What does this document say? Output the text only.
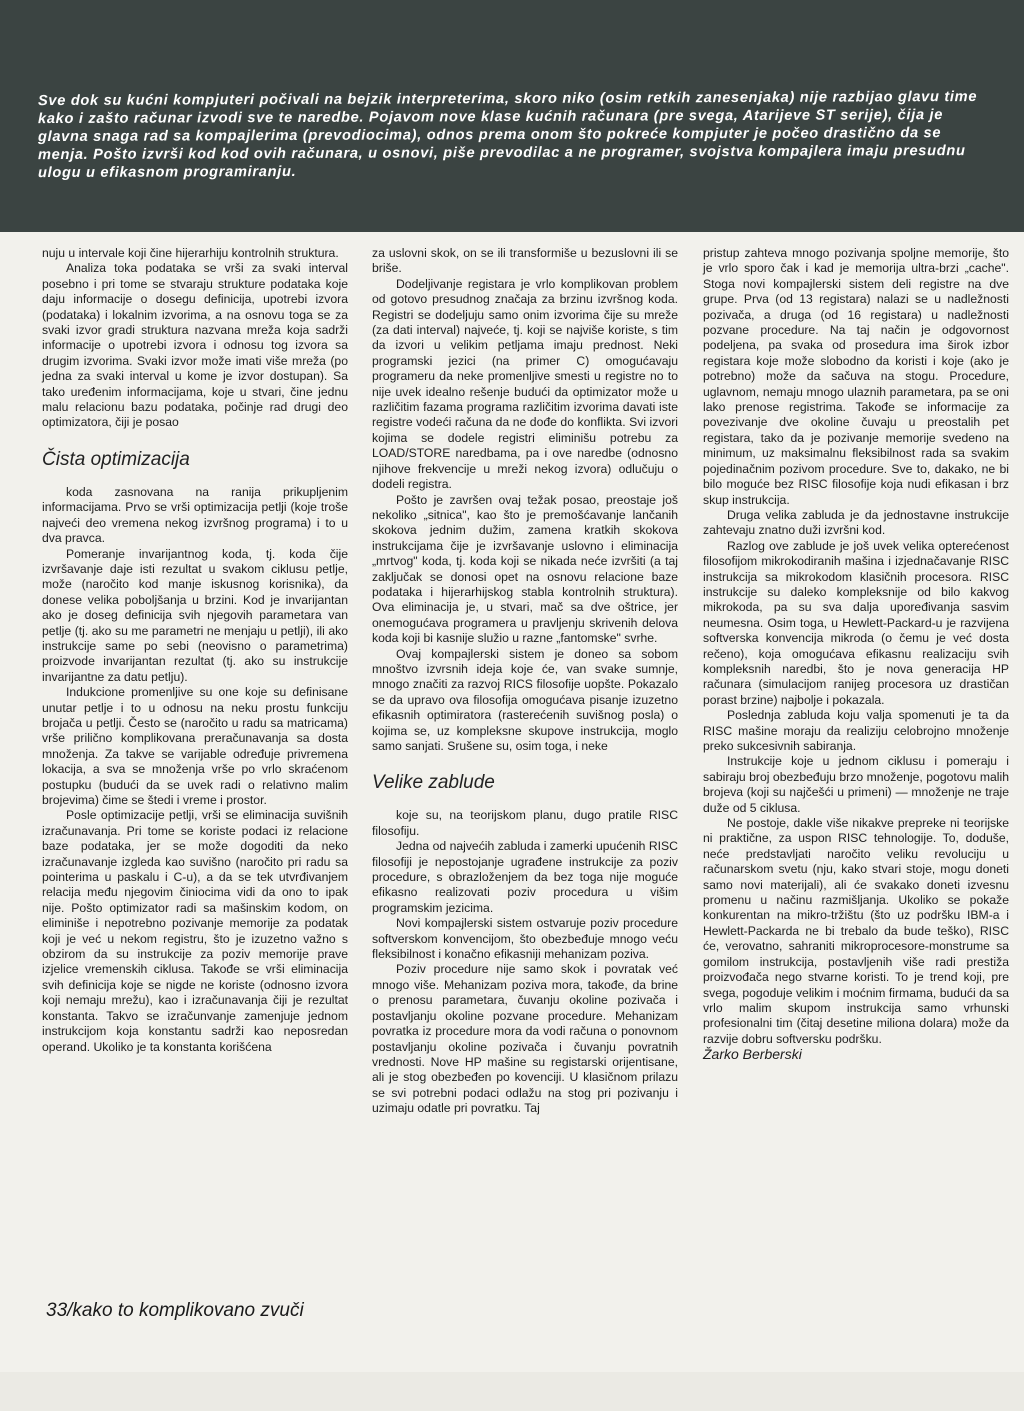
Sve dok su kućni kompjuteri počivali na bejzik interpreterima, skoro niko (osim retkih zanesenjaka) nije razbijao glavu time kako i zašto računar izvodi sve te naredbe. Pojavom nove klase kućnih računara (pre svega, Atarijeve ST serije), čija je glavna snaga rad sa kompajlerima (prevodiocima), odnos prema onom što pokreće kompjuter je počeo drastično da se menja. Pošto izvrši kod kod ovih računara, u osnovi, piše prevodilac a ne programer, svojstva kompajlera imaju presudnu ulogu u efikasnom programiranju.

nuju u intervale koji čine hijerarhiju kontrolnih struktura.

Analiza toka podataka se vrši za svaki interval posebno i pri tome se stvaraju strukture podataka koje daju informacije o dosegu definicija, upotrebi izvora (podataka) i lokalnim izvorima, a na osnovu toga se za svaki izvor gradi struktura nazvana mreža koja sadrži informacije o upotrebi izvora i odnosu tog izvora sa drugim izvorima. Svaki izvor može imati više mreža (po jedna za svaki interval u kome je izvor dostupan). Sa tako uređenim informacijama, koje u stvari, čine jednu malu relacionu bazu podataka, počinje rad drugi deo optimizatora, čiji je posao

Čista optimizacija

koda zasnovana na ranija prikupljenim informacijama. Prvo se vrši optimizacija petlji (koje troše najveći deo vremena nekog izvršnog programa) i to u dva pravca.

Pomeranje invarijantnog koda, tj. koda čije izvršavanje daje isti rezultat u svakom ciklusu petlje, može (naročito kod manje iskusnog korisnika), da donese velika poboljšanja u brzini. Kod je invarijantan ako je doseg definicija svih njegovih parametara van petlje (tj. ako su me parametri ne menjaju u petlji), ili ako instrukcije same po sebi (neovisno o parametrima) proizvode invarijantan rezultat (tj. ako su instrukcije invarijantne za datu petlju).

Indukcione promenljive su one koje su definisane unutar petlje i to u odnosu na neku prostu funkciju brojača u petlji. Često se (naročito u radu sa matricama) vrše prilično komplikovana preračunavanja sa dosta množenja. Za takve se varijable određuje privremena lokacija, a sva se množenja vrše po vrlo skraćenom postupku (budući da se uvek radi o relativno malim brojevima) čime se štedi i vreme i prostor.

Posle optimizacije petlji, vrši se eliminacija suvišnih izračunavanja. Pri tome se koriste podaci iz relacione baze podataka, jer se može dogoditi da neko izračunavanje izgleda kao suvišno (naročito pri radu sa pointerima u paskalu i C-u), a da se tek utvrđivanjem relacija među njegovim činiocima vidi da ono to ipak nije. Pošto optimizator radi sa mašinskim kodom, on eliminiše i nepotrebno pozivanje memorije za podatak koji je već u nekom registru, što je izuzetno važno s obzirom da su instrukcije za poziv memorije prave izjelice vremenskih ciklusa. Takođe se vrši eliminacija svih definicija koje se nigde ne koriste (odnosno izvora koji nemaju mrežu), kao i izračunavanja čiji je rezultat konstanta. Takvo se izračunvanje zamenjuje jednom instrukcijom koja konstantu sadrži kao neposredan operand. Ukoliko je ta konstanta korišćena

za uslovni skok, on se ili transformiše u bezuslovni ili se briše.

Dodeljivanje registara je vrlo komplikovan problem od gotovo presudnog značaja za brzinu izvršnog koda. Registri se dodeljuju samo onim izvorima čije su mreže (za dati interval) najveće, tj. koji se najviše koriste, s tim da izvori u velikim petljama imaju prednost. Neki programski jezici (na primer C) omogućavaju programeru da neke promenljive smesti u registre no to nije uvek idealno rešenje budući da optimizator može u različitim fazama programa različitim izvorima davati iste registre vodeći računa da ne dođe do konflikta. Svi izvori kojima se dodele registri eliminišu potrebu za LOAD/STORE naredbama, pa i ove naredbe (odnosno njihove frekvencije u mreži nekog izvora) odlučuju o dodeli registra.

Pošto je završen ovaj težak posao, preostaje još nekoliko „sitnica", kao što je premošćavanje lančanih skokova jednim dužim, zamena kratkih skokova instrukcijama čije je izvršavanje uslovno i eliminacija „mrtvog" koda, tj. koda koji se nikada neće izvršiti (a taj zaključak se donosi opet na osnovu relacione baze podataka i hijerarhijskog stabla kontrolnih struktura). Ova eliminacija je, u stvari, mač sa dve oštrice, jer onemogućava programera u pravljenju skrivenih delova koda koji bi kasnije služio u razne „fantomske" svrhe.

Ovaj kompajlerski sistem je doneo sa sobom mnoštvo izvrsnih ideja koje će, van svake sumnje, mnogo značiti za razvoj RICS filosofije uopšte. Pokazalo se da upravo ova filosofija omogućava pisanje izuzetno efikasnih optimiratora (rasterećenih suvišnog posla) o kojima se, uz kompleksne skupove instrukcija, moglo samo sanjati. Srušene su, osim toga, i neke

Velike zablude

koje su, na teorijskom planu, dugo pratile RISC filosofiju.

Jedna od najvećih zabluda i zamerki upućenih RISC filosofiji je nepostojanje ugrađene instrukcije za poziv procedure, s obrazloženjem da bez toga nije moguće efikasno realizovati poziv procedura u višim programskim jezicima.

Novi kompajlerski sistem ostvaruje poziv procedure softverskom konvencijom, što obezbeđuje mnogo veću fleksibilnost i konačno efikasniji mehanizam poziva.

Poziv procedure nije samo skok i povratak već mnogo više. Mehanizam poziva mora, takođe, da brine o prenosu parametara, čuvanju okoline pozivača i postavljanju okoline pozvane procedure. Mehanizam povratka iz procedure mora da vodi računa o ponovnom postavljanju okoline pozivača i čuvanju povratnih vrednosti. Nove HP mašine su registarski orijentisane, ali je stog obezbeđen po kovenciji. U klasičnom prilazu se svi potrebni podaci odlažu na stog pri pozivanju i uzimaju odatle pri povratku. Taj

pristup zahteva mnogo pozivanja spoljne memorije, što je vrlo sporo čak i kad je memorija ultra-brzi „cache". Stoga novi kompajlerski sistem deli registre na dve grupe. Prva (od 13 registara) nalazi se u nadležnosti pozivača, a druga (od 16 registara) u nadležnosti pozvane procedure. Na taj način je odgovornost podeljena, pa svaka od prosedura ima širok izbor registara koje može slobodno da koristi i koje (ako je potrebno) može da sačuva na stogu. Procedure, uglavnom, nemaju mnogo ulaznih parametara, pa se oni lako prenose registrima. Takođe se informacije za povezivanje dve okoline čuvaju u preostalih pet registara, tako da je pozivanje memorije svedeno na minimum, uz maksimalnu fleksibilnost rada sa svakim pojedinačnim pozivom procedure. Sve to, dakako, ne bi bilo moguće bez RISC filosofije koja nudi efikasan i brz skup instrukcija.

Druga velika zabluda je da jednostavne instrukcije zahtevaju znatno duži izvršni kod.

Razlog ove zablude je još uvek velika opterećenost filosofijom mikrokodiranih mašina i izjednačavanje RISC instrukcija sa mikrokodom klasičnih procesora. RISC instrukcije su daleko kompleksnije od bilo kakvog mikrokoda, pa su sva dalja upoređivanja sasvim neumesna. Osim toga, u Hewlett-Packard-u je razvijena softverska konvencija mikroda (o čemu je već dosta rečeno), koja omogućava efikasnu realizaciju svih kompleksnih naredbi, što je nova generacija HP računara (simulacijom ranijeg procesora uz drastičan porast brzine) najbolje i pokazala.

Poslednja zabluda koju valja spomenuti je ta da RISC mašine moraju da realiziju celobrojno množenje preko sukcesivnih sabiranja.

Instrukcije koje u jednom ciklusu i pomeraju i sabiraju broj obezbeđuju brzo množenje, pogotovu malih brojeva (koji su najčešći u primeni) — množenje ne traje duže od 5 ciklusa.

Ne postoje, dakle više nikakve prepreke ni teorijske ni praktične, za uspon RISC tehnologije. To, doduše, neće predstavljati naročito veliku revoluciju u računarskom svetu (nju, kako stvari stoje, mogu doneti samo novi materijali), ali će svakako doneti izvesnu promenu u načinu razmišljanja. Ukoliko se pokaže konkurentan na mikro-tržištu (što uz podršku IBM-a i Hewlett-Packarda ne bi trebalo da bude teško), RISC će, verovatno, sahraniti mikroprocesore-monstrume sa gomilom instrukcija, postavljenih više radi prestiža proizvođača nego stvarne koristi. To je trend koji, pre svega, pogoduje velikim i moćnim firmama, budući da sa vrlo malim skupom instrukcija samo vrhunski profesionalni tim (čitaj desetine miliona dolara) može da razvije dobru softversku podršku.

Žarko Berberski

33/kako to komplikovano zvuči
